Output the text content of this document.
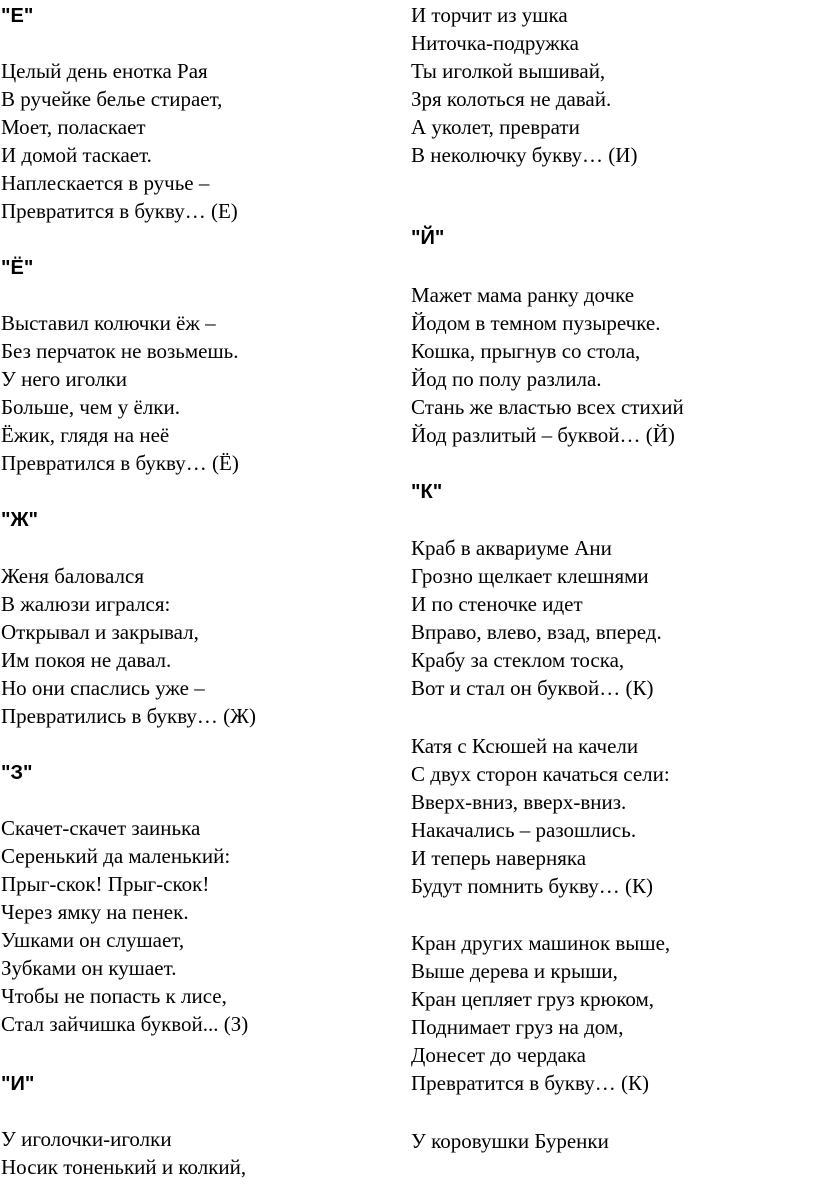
"Е"
Целый день енотка Рая
В ручейке белье стирает,
Моет, поласкает
И домой таскает.
Наплескается в ручье –
Превратится в букву… (Е)
"Ё"
Выставил колючки ёж –
Без перчаток не возьмешь.
У него иголки
Больше, чем у ёлки.
Ёжик, глядя на неё
Превратился в букву… (Ё)
"Ж"
Женя баловался
В жалюзи игрался:
Открывал и закрывал,
Им покоя не давал.
Но они спаслись уже –
Превратились в букву… (Ж)
"З"
Скачет-скачет заинька
Серенький да маленький:
Прыг-скок! Прыг-скок!
Через ямку на пенек.
Ушками он слушает,
Зубками он кушает.
Чтобы не попасть к лисе,
Стал зайчишка буквой... (З)
"И"
У иголочки-иголки
Носик тоненький и колкий,
И торчит из ушка
Ниточка-подружка
Ты иголкой вышивай,
Зря колоться не давай.
А уколет, преврати
В неколючку букву… (И)
"Й"
Мажет мама ранку дочке
Йодом в темном пузыречке.
Кошка, прыгнув со стола,
Йод по полу разлила.
Стань же властью всех стихий
Йод разлитый – буквой… (Й)
"К"
Краб в аквариуме Ани
Грозно щелкает клешнями
И по стеночке идет
Вправо, влево, взад, вперед.
Крабу за стеклом тоска,
Вот и стал он буквой… (К)
Катя с Ксюшей на качели
С двух сторон качаться сели:
Вверх-вниз, вверх-вниз.
Накачались – разошлись.
И теперь наверняка
Будут помнить букву… (К)
Кран других машинок выше,
Выше дерева и крыши,
Кран цепляет груз крюком,
Поднимает груз на дом,
Донесет до чердака
Превратится в букву… (К)
У коровушки Буренки
